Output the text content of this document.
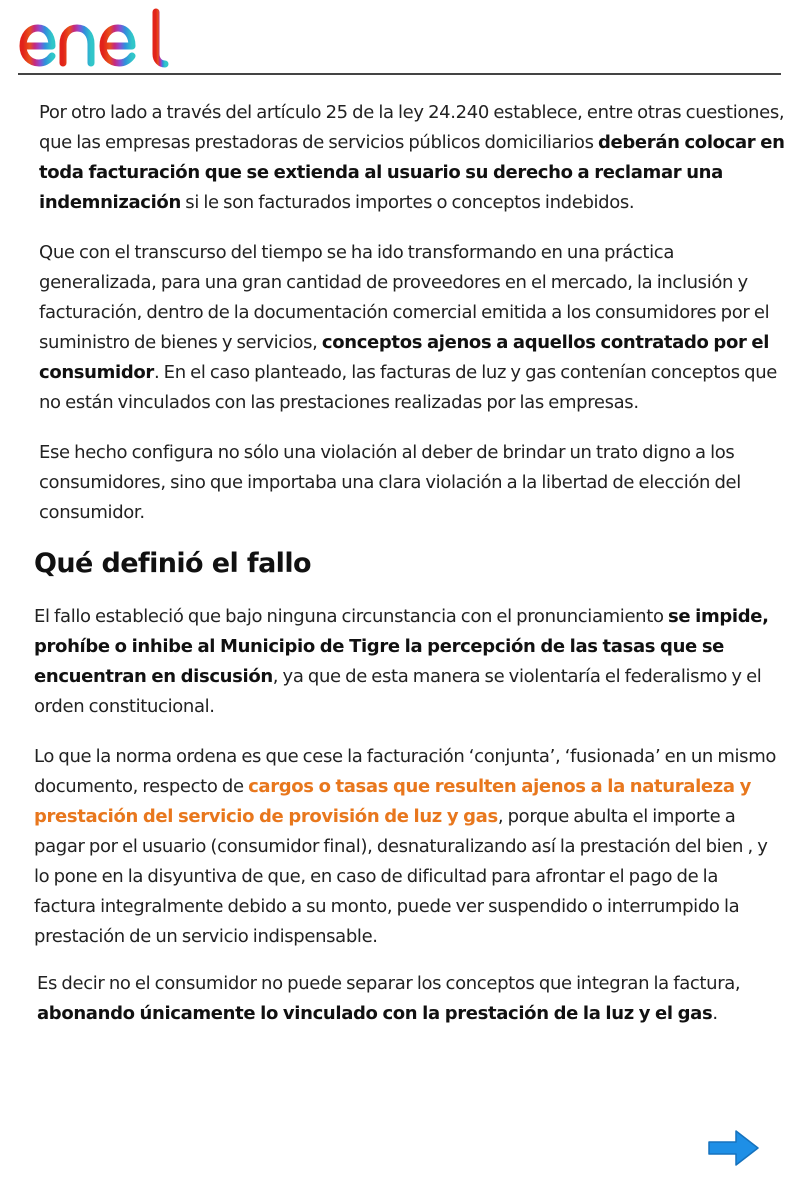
Por otro lado a través del artículo 25 de la ley 24.240 establece, entre otras cuestiones, que las empresas prestadoras de servicios públicos domiciliarios deberán colocar en toda facturación que se extienda al usuario su derecho a reclamar una indemnización si le son facturados importes o conceptos indebidos.

Que con el transcurso del tiempo se ha ido transformando en una práctica generalizada, para una gran cantidad de proveedores en el mercado, la inclusión y facturación, dentro de la documentación comercial emitida a los consumidores por el suministro de bienes y servicios, conceptos ajenos a aquellos contratado por el consumidor. En el caso planteado, las facturas de luz y gas contenían conceptos que no están vinculados con las prestaciones realizadas por las empresas.

Ese hecho configura no sólo una violación al deber de brindar un trato digno a los consumidores, sino que importaba una clara violación a la libertad de elección del consumidor.

Qué definió el fallo

El fallo estableció que bajo ninguna circunstancia con el pronunciamiento se impide, prohíbe o inhibe al Municipio de Tigre la percepción de las tasas que se encuentran en discusión, ya que de esta manera se violentaría el federalismo y el orden constitucional.

Lo que la norma ordena es que cese la facturación ‘conjunta’, ‘fusionada’ en un mismo documento, respecto de cargos o tasas que resulten ajenos a la naturaleza y prestación del servicio de provisión de luz y gas, porque abulta el importe a pagar por el usuario (consumidor final), desnaturalizando así la prestación del bien , y lo pone en la disyuntiva de que, en caso de dificultad para afrontar el pago de la factura integralmente debido a su monto, puede ver suspendido o interrumpido la prestación de un servicio indispensable.

Es decir no el consumidor no puede separar los conceptos que integran la factura, abonando únicamente lo vinculado con la prestación de la luz y el gas.
